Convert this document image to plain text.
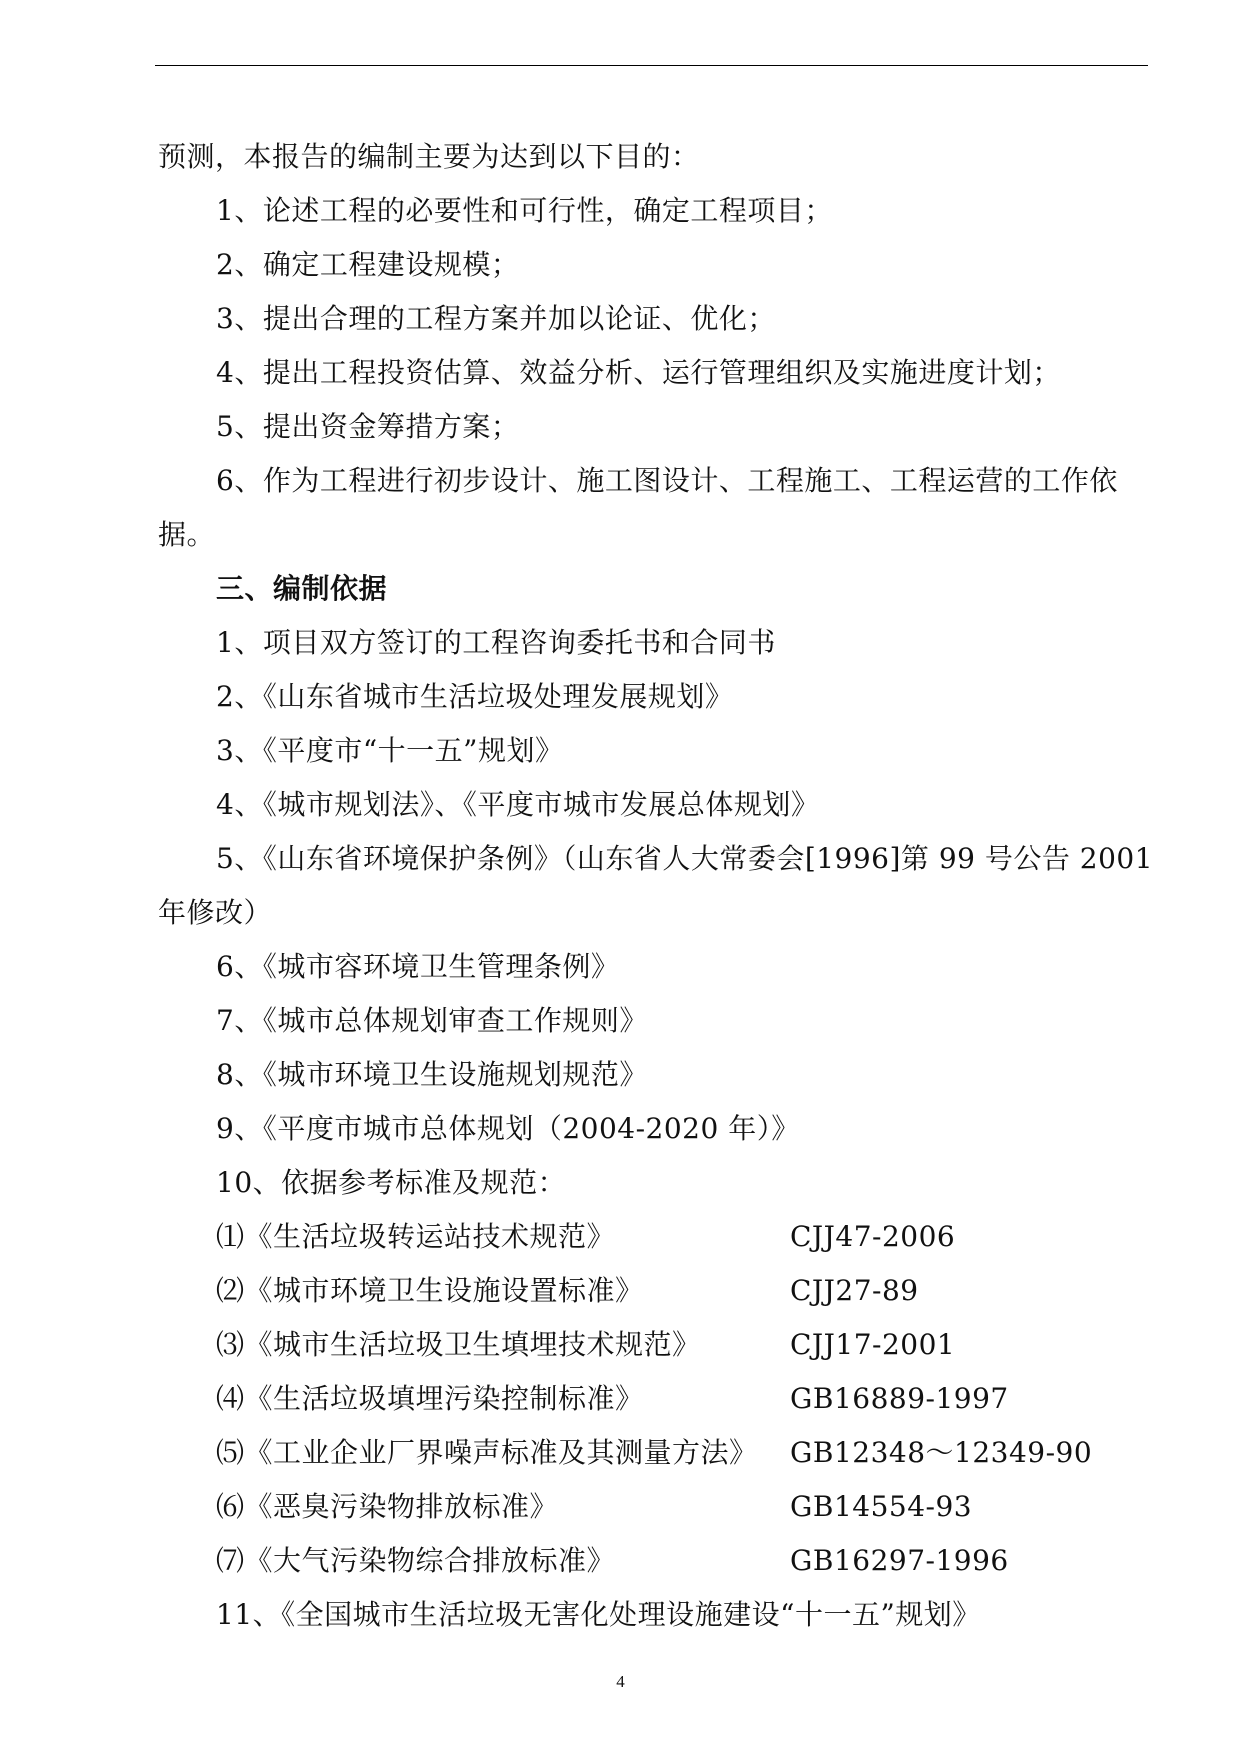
预测，本报告的编制主要为达到以下目的：
1、论述工程的必要性和可行性，确定工程项目；
2、确定工程建设规模；
3、提出合理的工程方案并加以论证、优化；
4、提出工程投资估算、效益分析、运行管理组织及实施进度计划；
5、提出资金筹措方案；
6、作为工程进行初步设计、施工图设计、工程施工、工程运营的工作依
据。
三、编制依据
1、项目双方签订的工程咨询委托书和合同书
2、《山东省城市生活垃圾处理发展规划》
3、《平度市“十一五”规划》
4、《城市规划法》、《平度市城市发展总体规划》
5、《山东省环境保护条例》（山东省人大常委会[1996]第 99 号公告 2001
年修改）
6、《城市容环境卫生管理条例》
7、《城市总体规划审查工作规则》
8、《城市环境卫生设施规划规范》
9、《平度市城市总体规划（2004-2020 年）》
10、依据参考标准及规范：
⑴《生活垃圾转运站技术规范》	CJJ47-2006
⑵《城市环境卫生设施设置标准》	CJJ27-89
⑶《城市生活垃圾卫生填埋技术规范》	CJJ17-2001
⑷《生活垃圾填埋污染控制标准》	GB16889-1997
⑸《工业企业厂界噪声标准及其测量方法》 GB12348～12349-90
⑹《恶臭污染物排放标准》	GB14554-93
⑺《大气污染物综合排放标准》	GB16297-1996
11、《全国城市生活垃圾无害化处理设施建设“十一五”规划》
4
